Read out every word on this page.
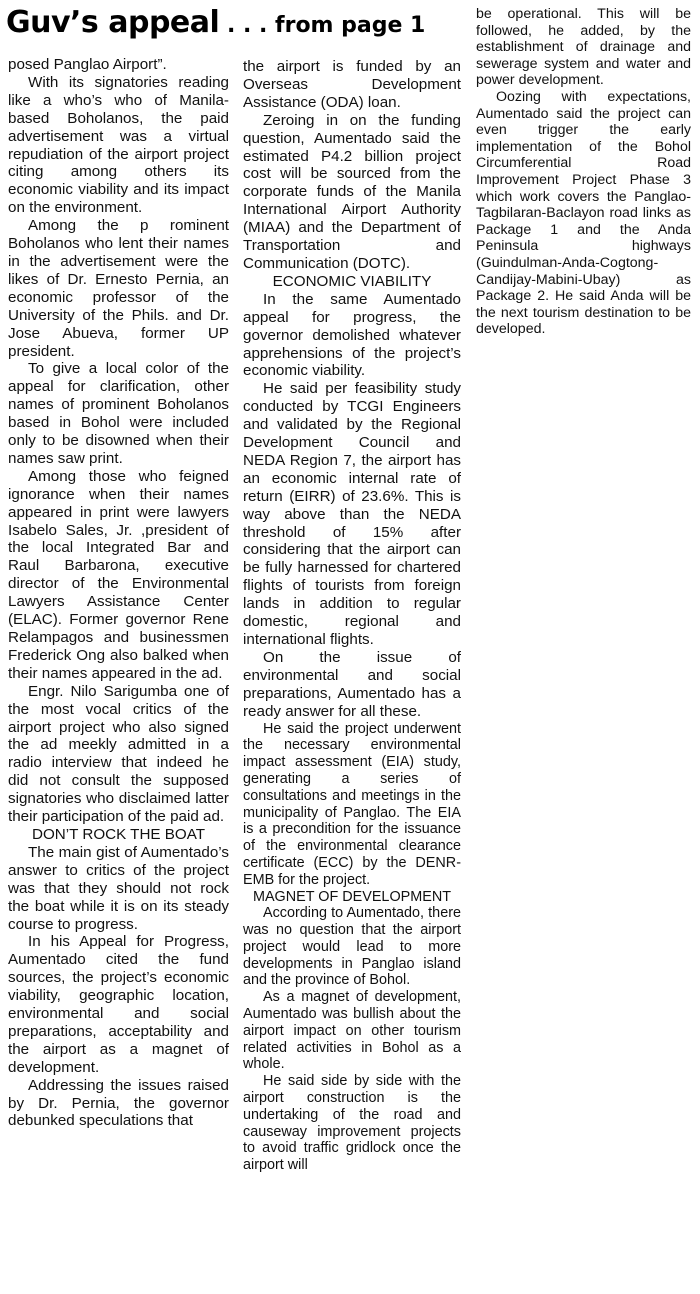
Guv’s appeal . . . from page 1

posed Panglao Airport”.

With its signatories reading like a who’s who of Manila-based Boholanos, the paid advertisement was a virtual repudiation of the airport project citing among others its economic viability and its impact on the environment.

Among the p rominent Boholanos who lent their names in the advertisement were the likes of Dr. Ernesto Pernia, an economic professor of the University of the Phils. and Dr. Jose Abueva, former UP president.

To give a local color of the appeal for clarification, other names of prominent Boholanos based in Bohol were included only to be disowned when their names saw print.

Among those who feigned ignorance when their names appeared in print were lawyers Isabelo Sales, Jr. ,president of the local Integrated Bar and Raul Barbarona, executive director of the Environmental Lawyers Assistance Center (ELAC). Former governor Rene Relampagos and businessmen Frederick Ong also balked when their names appeared in the ad.

Engr. Nilo Sarigumba one of the most vocal critics of the airport project who also signed the ad meekly admitted in a radio interview that indeed he did not consult the supposed signatories who disclaimed latter their participation of the paid ad.

DON’T ROCK THE BOAT

The main gist of Aumentado’s answer to critics of the project was that they should not rock the boat while it is on its steady course to progress.

In his Appeal for Progress, Aumentado cited the fund sources, the project’s economic viability, geographic location, environmental and social preparations, acceptability and the airport as a magnet of development.

Addressing the issues raised by Dr. Pernia, the governor debunked speculations that

the airport is funded by an Overseas Development Assistance (ODA) loan.

Zeroing in on the funding question, Aumentado said the estimated P4.2 billion project cost will be sourced from the corporate funds of the Manila International Airport Authority (MIAA) and the Department of Transportation and Communication (DOTC).

ECONOMIC VIABILITY

In the same Aumentado appeal for progress, the governor demolished whatever apprehensions of the project’s economic viability.

He said per feasibility study conducted by TCGI Engineers and validated by the Regional Development Council and NEDA Region 7, the airport has an economic internal rate of return (EIRR) of 23.6%. This is way above than the NEDA threshold of 15% after considering that the airport can be fully harnessed for chartered flights of tourists from foreign lands in addition to regular domestic, regional and international flights.

On the issue of environmental and social preparations, Aumentado has a ready answer for all these.

He said the project underwent the necessary environmental impact assessment (EIA) study, generating a series of consultations and meetings in the municipality of Panglao. The EIA is a precondition for the issuance of the environmental clearance certificate (ECC) by the DENR-EMB for the project.

MAGNET OF DEVELOPMENT

According to Aumentado, there was no question that the airport project would lead to more developments in Panglao island and the province of Bohol.

As a magnet of development, Aumentado was bullish about the airport impact on other tourism related activities in Bohol as a whole.

He said side by side with the airport construction is the undertaking of the road and causeway improvement projects to avoid traffic gridlock once the airport will

be operational. This will be followed, he added, by the establishment of drainage and sewerage system and water and power development.

Oozing with expectations, Aumentado said the project can even trigger the early implementation of the Bohol Circumferential Road Improvement Project Phase 3 which work covers the Panglao-Tagbilaran-Baclayon road links as Package 1 and the Anda Peninsula highways (Guindulman-Anda-Cogtong-Candijay-Mabini-Ubay) as Package 2. He said Anda will be the next tourism destination to be developed.
